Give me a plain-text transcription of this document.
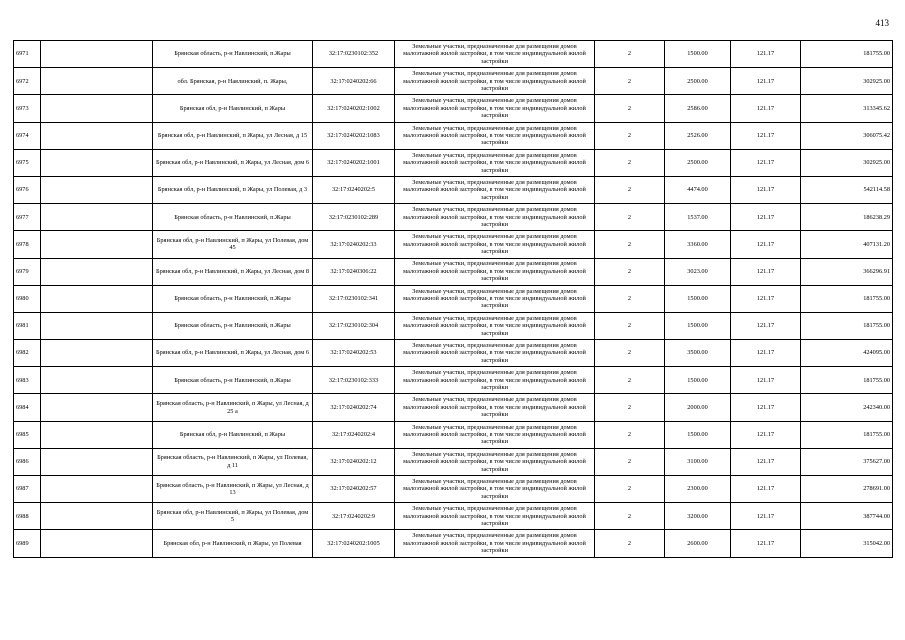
413
6971		Брянская область, р-н Навлинский, п.Жары	32:17:0230102:352	Земельные участки, предназначенные для размещения домов малоэтажной жилой застройки, в том числе индивидуальной жилой застройки	2	1500.00	121.17	181755.00
6972		обл. Брянская, р-н Навлинский, п. Жары,	32:17:0240202:66	Земельные участки, предназначенные для размещения домов малоэтажной жилой застройки, в том числе индивидуальной жилой застройки	2	2500.00	121.17	302925.00
6973		Брянская обл, р-н Навлинский, п Жары	32:17:0240202:1002	Земельные участки, предназначенные для размещения домов малоэтажной жилой застройки, в том числе индивидуальной жилой застройки	2	2586.00	121.17	313345.62
6974		Брянская обл, р-н Навлинский, п Жары, ул Лесная, д 15	32:17:0240202:1083	Земельные участки, предназначенные для размещения домов малоэтажной жилой застройки, в том числе индивидуальной жилой застройки	2	2526.00	121.17	306075.42
6975		Брянская обл, р-н Навлинский, п Жары, ул Лесная, дом 6	32:17:0240202:1001	Земельные участки, предназначенные для размещения домов малоэтажной жилой застройки, в том числе индивидуальной жилой застройки	2	2500.00	121.17	302925.00
6976		Брянская обл, р-н Навлинский, п Жары, ул Полевая, д 3	32:17:0240202:5	Земельные участки, предназначенные для размещения домов малоэтажной жилой застройки, в том числе индивидуальной жилой застройки	2	4474.00	121.17	542114.58
6977		Брянская область, р-н Навлинский, п.Жары	32:17:0230102:289	Земельные участки, предназначенные для размещения домов малоэтажной жилой застройки, в том числе индивидуальной жилой застройки	2	1537.00	121.17	186238.29
6978		Брянская обл, р-н Навлинский, п Жары, ул Полевая, дом 45	32:17:0240202:33	Земельные участки, предназначенные для размещения домов малоэтажной жилой застройки, в том числе индивидуальной жилой застройки	2	3360.00	121.17	407131.20
6979		Брянская обл, р-н Навлинский, п Жары, ул Лесная, дом 8	32:17:0240306:22	Земельные участки, предназначенные для размещения домов малоэтажной жилой застройки, в том числе индивидуальной жилой застройки	2	3023.00	121.17	366296.91
6980		Брянская область, р-н Навлинский, п.Жары	32:17:0230102:341	Земельные участки, предназначенные для размещения домов малоэтажной жилой застройки, в том числе индивидуальной жилой застройки	2	1500.00	121.17	181755.00
6981		Брянская область, р-н Навлинский, п.Жары	32:17:0230102:304	Земельные участки, предназначенные для размещения домов малоэтажной жилой застройки, в том числе индивидуальной жилой застройки	2	1500.00	121.17	181755.00
6982		Брянская обл, р-н Навлинский, п Жары, ул Лесная, дом 6	32:17:0240202:53	Земельные участки, предназначенные для размещения домов малоэтажной жилой застройки, в том числе индивидуальной жилой застройки	2	3500.00	121.17	424095.00
6983		Брянская область, р-н Навлинский, п.Жары	32:17:0230102:333	Земельные участки, предназначенные для размещения домов малоэтажной жилой застройки, в том числе индивидуальной жилой застройки	2	1500.00	121.17	181755.00
6984		Брянская область, р-н Навлинский, п Жары, ул Лесная, д 25 а	32:17:0240202:74	Земельные участки, предназначенные для размещения домов малоэтажной жилой застройки, в том числе индивидуальной жилой застройки	2	2000.00	121.17	242340.00
6985		Брянская обл, р-н Навлинский, п Жары	32:17:0240202:4	Земельные участки, предназначенные для размещения домов малоэтажной жилой застройки, в том числе индивидуальной жилой застройки	2	1500.00	121.17	181755.00
6986		Брянская область, р-н Навлинский, п Жары, ул Полевая, д 11	32:17:0240202:12	Земельные участки, предназначенные для размещения домов малоэтажной жилой застройки, в том числе индивидуальной жилой застройки	2	3100.00	121.17	375627.00
6987		Брянская область, р-н Навлинский, п Жары, ул Лесная, д 13	32:17:0240202:57	Земельные участки, предназначенные для размещения домов малоэтажной жилой застройки, в том числе индивидуальной жилой застройки	2	2300.00	121.17	278691.00
6988		Брянская обл, р-н Навлинский, п Жары, ул Полевая, дом 5	32:17:0240202:9	Земельные участки, предназначенные для размещения домов малоэтажной жилой застройки, в том числе индивидуальной жилой застройки	2	3200.00	121.17	387744.00
6989		Брянская обл, р-н Навлинский, п Жары, ул Полевая	32:17:0240202:1005	Земельные участки, предназначенные для размещения домов малоэтажной жилой застройки, в том числе индивидуальной жилой застройки	2	2600.00	121.17	315042.00
